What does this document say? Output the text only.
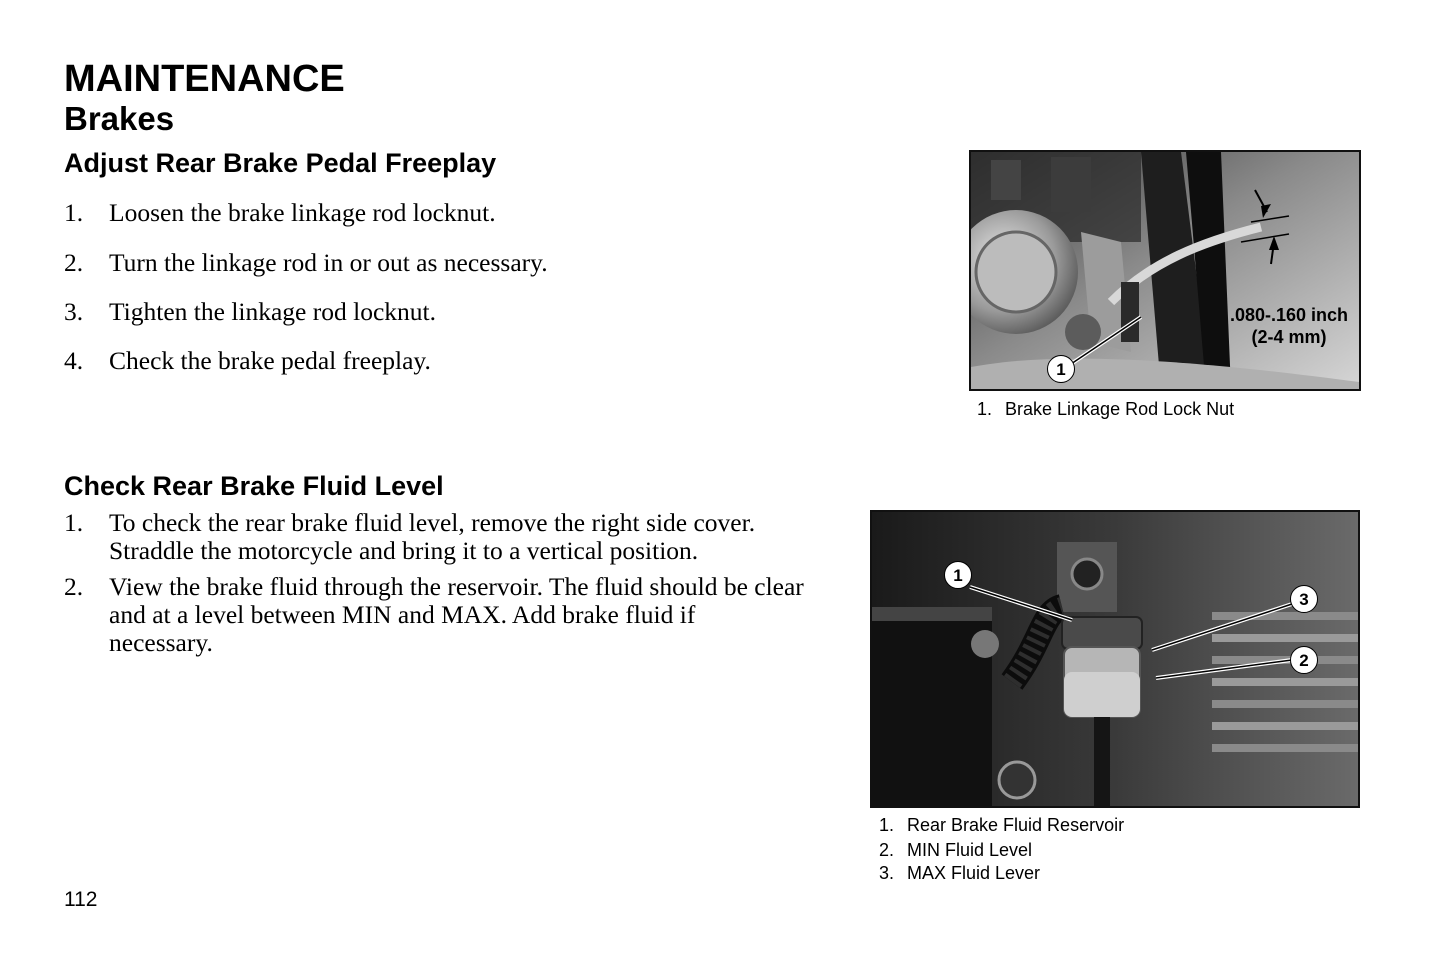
MAINTENANCE
Brakes
Adjust Rear Brake Pedal Freeplay
1. Loosen the brake linkage rod locknut.
2. Turn the linkage rod in or out as necessary.
3. Tighten the linkage rod locknut.
4. Check the brake pedal freeplay.
Check Rear Brake Fluid Level
1. To check the rear brake fluid level, remove the right side cover. Straddle the motorcycle and bring it to a vertical position.
2. View the brake fluid through the reservoir. The fluid should be clear and at a level between MIN and MAX. Add brake fluid if necessary.
1
.080-.160 inch
(2-4 mm)
1. Brake Linkage Rod Lock Nut
1
3
2
1. Rear Brake Fluid Reservoir
2. MIN Fluid Level
3. MAX Fluid Lever
112
